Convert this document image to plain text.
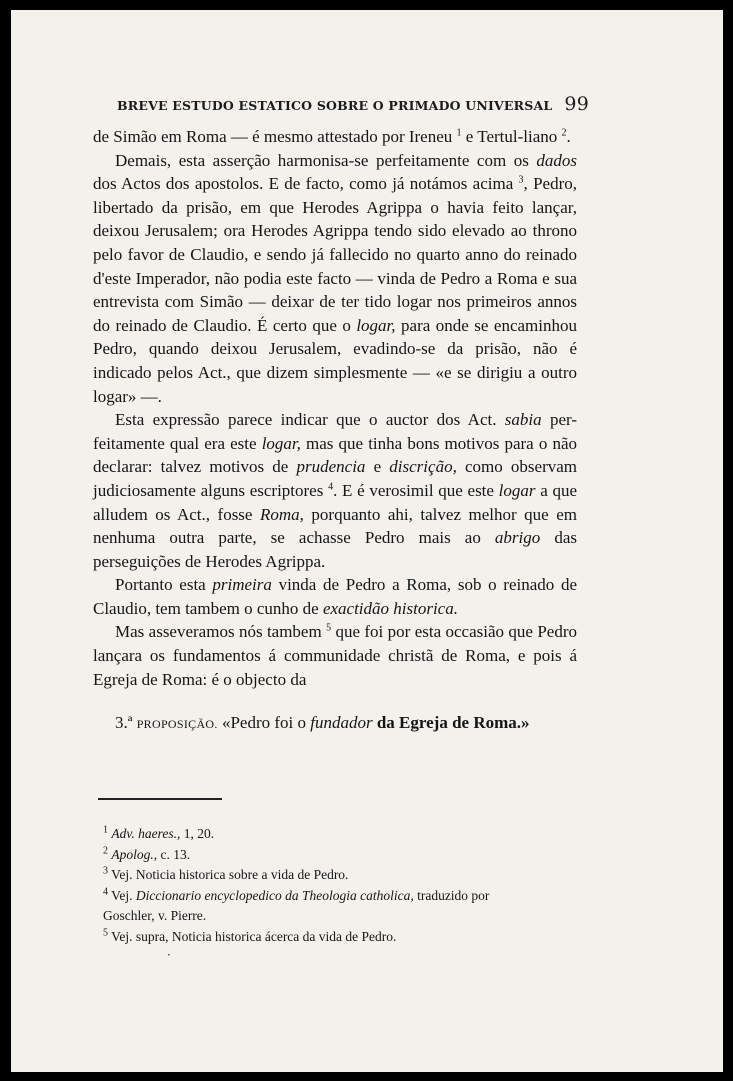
BREVE ESTUDO ESTATICO SOBRE O PRIMADO UNIVERSAL 99

de Simão em Roma — é mesmo attestado por Ireneu $^1$ e Tertul-liano $^2$.

Demais, esta asserção harmonisa-se perfeitamente com os dados dos Actos dos apostolos. E de facto, como já notámos acima $^3$, Pedro, libertado da prisão, em que Herodes Agrippa o havia feito lançar, deixou Jerusalem; ora Herodes Agrippa tendo sido elevado ao throno pelo favor de Claudio, e sendo já fallecido no quarto anno do reinado d'este Imperador, não podia este facto — vinda de Pedro a Roma e sua entrevista com Simão — deixar de ter tido logar nos primeiros annos do reinado de Claudio. É certo que o logar, para onde se encaminhou Pedro, quando deixou Jerusalem, evadindo-se da prisão, não é indicado pelos Act., que dizem simplesmente — «e se dirigiu a outro logar» —.

Esta expressão parece indicar que o auctor dos Act. sabia per-feitamente qual era este logar, mas que tinha bons motivos para o não declarar: talvez motivos de prudencia e discrição, como observam judiciosamente alguns escriptores $^4$. E é verosimil que este logar a que alludem os Act., fosse Roma, porquanto ahi, talvez melhor que em nenhuma outra parte, se achasse Pedro mais ao abrigo das perseguições de Herodes Agrippa.

Portanto esta primeira vinda de Pedro a Roma, sob o reinado de Claudio, tem tambem o cunho de exactidão historica.

Mas asseveramos nós tambem $^5$ que foi por esta occasião que Pedro lançara os fundamentos á communidade christã de Roma, e pois á Egreja de Roma: é o objecto da

3.ª PROPOSIÇÃO. «Pedro foi o fundador da Egreja de Roma.»

$^1$ Adv. haeres., 1, 20.
$^2$ Apolog., c. 13.
$^3$ Vej. Noticia historica sobre a vida de Pedro.
$^4$ Vej. Diccionario encyclopedico da Theologia catholica, traduzido por
Goschler, v. Pierre.
$^5$ Vej. supra, Noticia historica ácerca da vida de Pedro.
·
